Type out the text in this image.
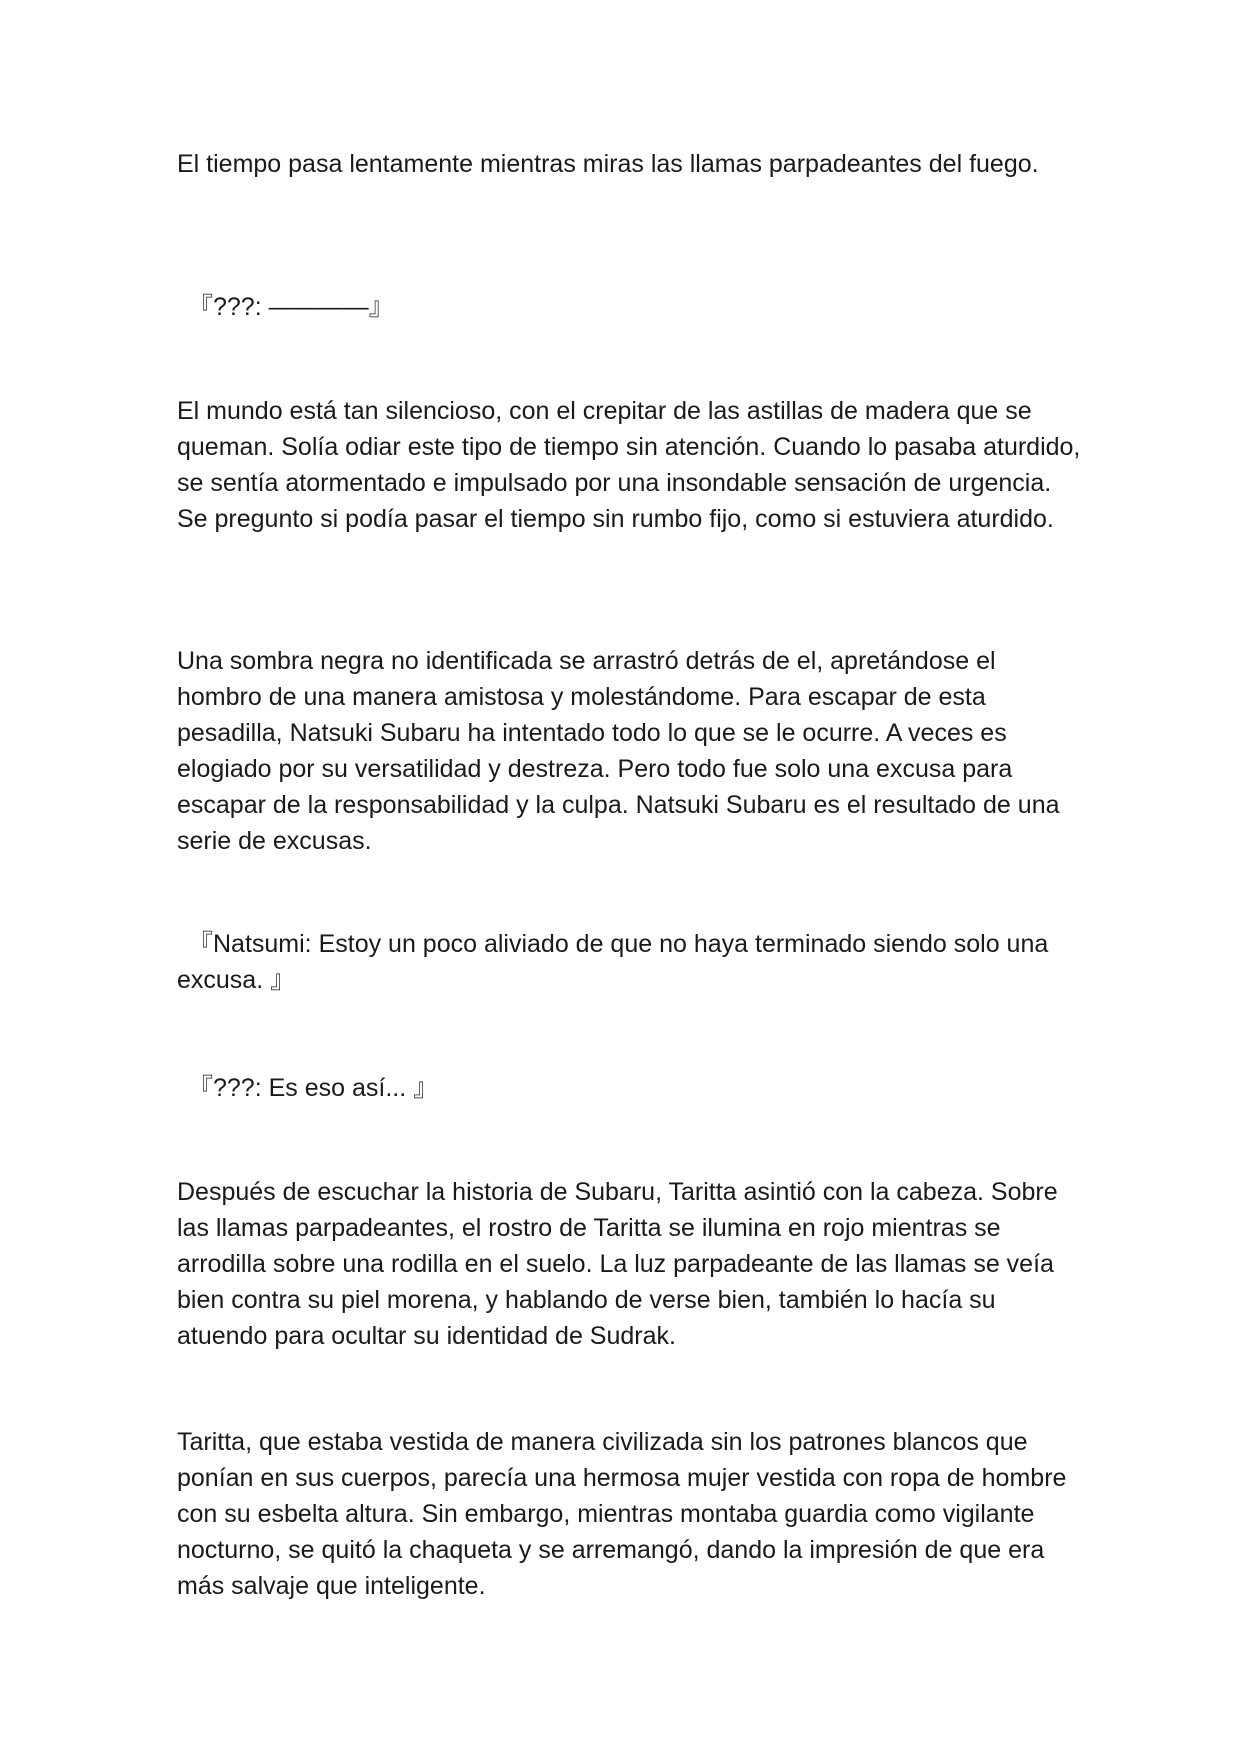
El tiempo pasa lentamente mientras miras las llamas parpadeantes del fuego.

『???: ――――』

El mundo está tan silencioso, con el crepitar de las astillas de madera que se queman. Solía odiar este tipo de tiempo sin atención. Cuando lo pasaba aturdido, se sentía atormentado e impulsado por una insondable sensación de urgencia. Se pregunto si podía pasar el tiempo sin rumbo fijo, como si estuviera aturdido.

Una sombra negra no identificada se arrastró detrás de el, apretándose el hombro de una manera amistosa y molestándome. Para escapar de esta pesadilla, Natsuki Subaru ha intentado todo lo que se le ocurre. A veces es elogiado por su versatilidad y destreza. Pero todo fue solo una excusa para escapar de la responsabilidad y la culpa. Natsuki Subaru es el resultado de una serie de excusas.

『Natsumi: Estoy un poco aliviado de que no haya terminado siendo solo una excusa. 』

『???: Es eso así... 』

Después de escuchar la historia de Subaru, Taritta asintió con la cabeza. Sobre las llamas parpadeantes, el rostro de Taritta se ilumina en rojo mientras se arrodilla sobre una rodilla en el suelo. La luz parpadeante de las llamas se veía bien contra su piel morena, y hablando de verse bien, también lo hacía su atuendo para ocultar su identidad de Sudrak.

Taritta, que estaba vestida de manera civilizada sin los patrones blancos que ponían en sus cuerpos, parecía una hermosa mujer vestida con ropa de hombre con su esbelta altura. Sin embargo, mientras montaba guardia como vigilante nocturno, se quitó la chaqueta y se arremangó, dando la impresión de que era más salvaje que inteligente.
